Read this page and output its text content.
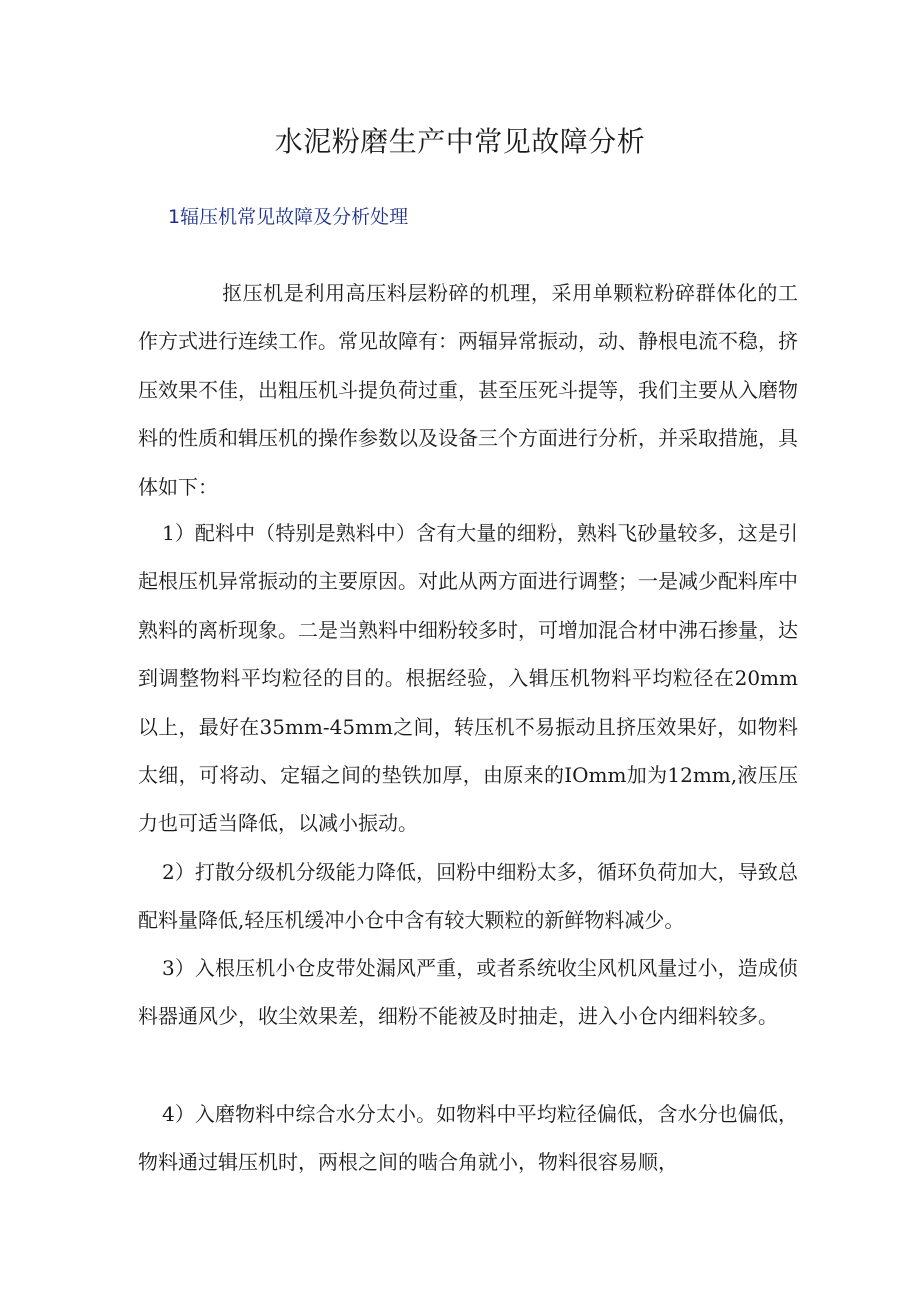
水泥粉磨生产中常见故障分析
1辐压机常见故障及分析处理

抠压机是利用高压料层粉碎的机理，采用单颗粒粉碎群体化的工作方式进行连续工作。常见故障有：两辐异常振动，动、静根电流不稳，挤压效果不佳，出粗压机斗提负荷过重，甚至压死斗提等，我们主要从入磨物料的性质和辑压机的操作参数以及设备三个方面进行分析，并采取措施，具体如下：

1）配料中（特别是熟料中）含有大量的细粉，熟料飞砂量较多，这是引起根压机异常振动的主要原因。对此从两方面进行调整；一是减少配料库中熟料的离析现象。二是当熟料中细粉较多时，可增加混合材中沸石掺量，达到调整物料平均粒径的目的。根据经验，入辑压机物料平均粒径在20mm以上，最好在35mm-45mm之间，转压机不易振动且挤压效果好，如物料太细，可将动、定辐之间的垫铁加厚，由原来的IOmm加为12mm,液压压力也可适当降低，以减小振动。

2）打散分级机分级能力降低，回粉中细粉太多，循环负荷加大，导致总配料量降低,轻压机缓冲小仓中含有较大颗粒的新鲜物料减少。

3）入根压机小仓皮带处漏风严重，或者系统收尘风机风量过小，造成侦料器通风少，收尘效果差，细粉不能被及时抽走，进入小仓内细料较多。

4）入磨物料中综合水分太小。如物料中平均粒径偏低，含水分也偏低，物料通过辑压机时，两根之间的啮合角就小，物料很容易顺，
